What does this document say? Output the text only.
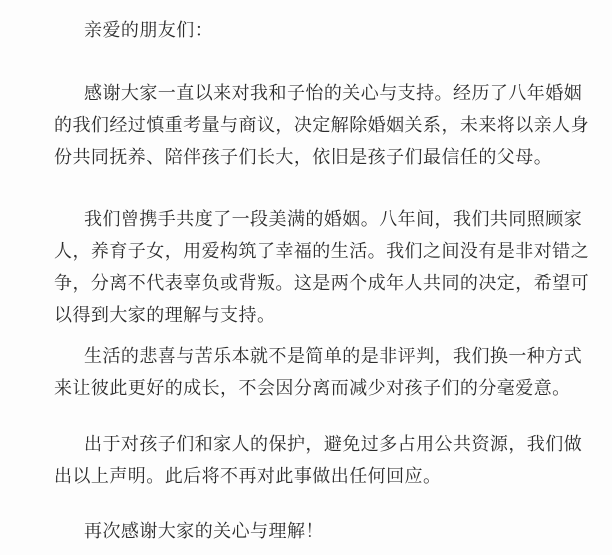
亲爱的朋友们：
感谢大家一直以来对我和子怡的关心与支持。经历了八年婚姻
的我们经过慎重考量与商议，决定解除婚姻关系，未来将以亲人身
份共同抚养、陪伴孩子们长大，依旧是孩子们最信任的父母。
我们曾携手共度了一段美满的婚姻。八年间，我们共同照顾家
人，养育子女，用爱构筑了幸福的生活。我们之间没有是非对错之
争，分离不代表辜负或背叛。这是两个成年人共同的决定，希望可
以得到大家的理解与支持。
生活的悲喜与苦乐本就不是简单的是非评判，我们换一种方式
来让彼此更好的成长，不会因分离而减少对孩子们的分毫爱意。
出于对孩子们和家人的保护，避免过多占用公共资源，我们做
出以上声明。此后将不再对此事做出任何回应。
再次感谢大家的关心与理解！
